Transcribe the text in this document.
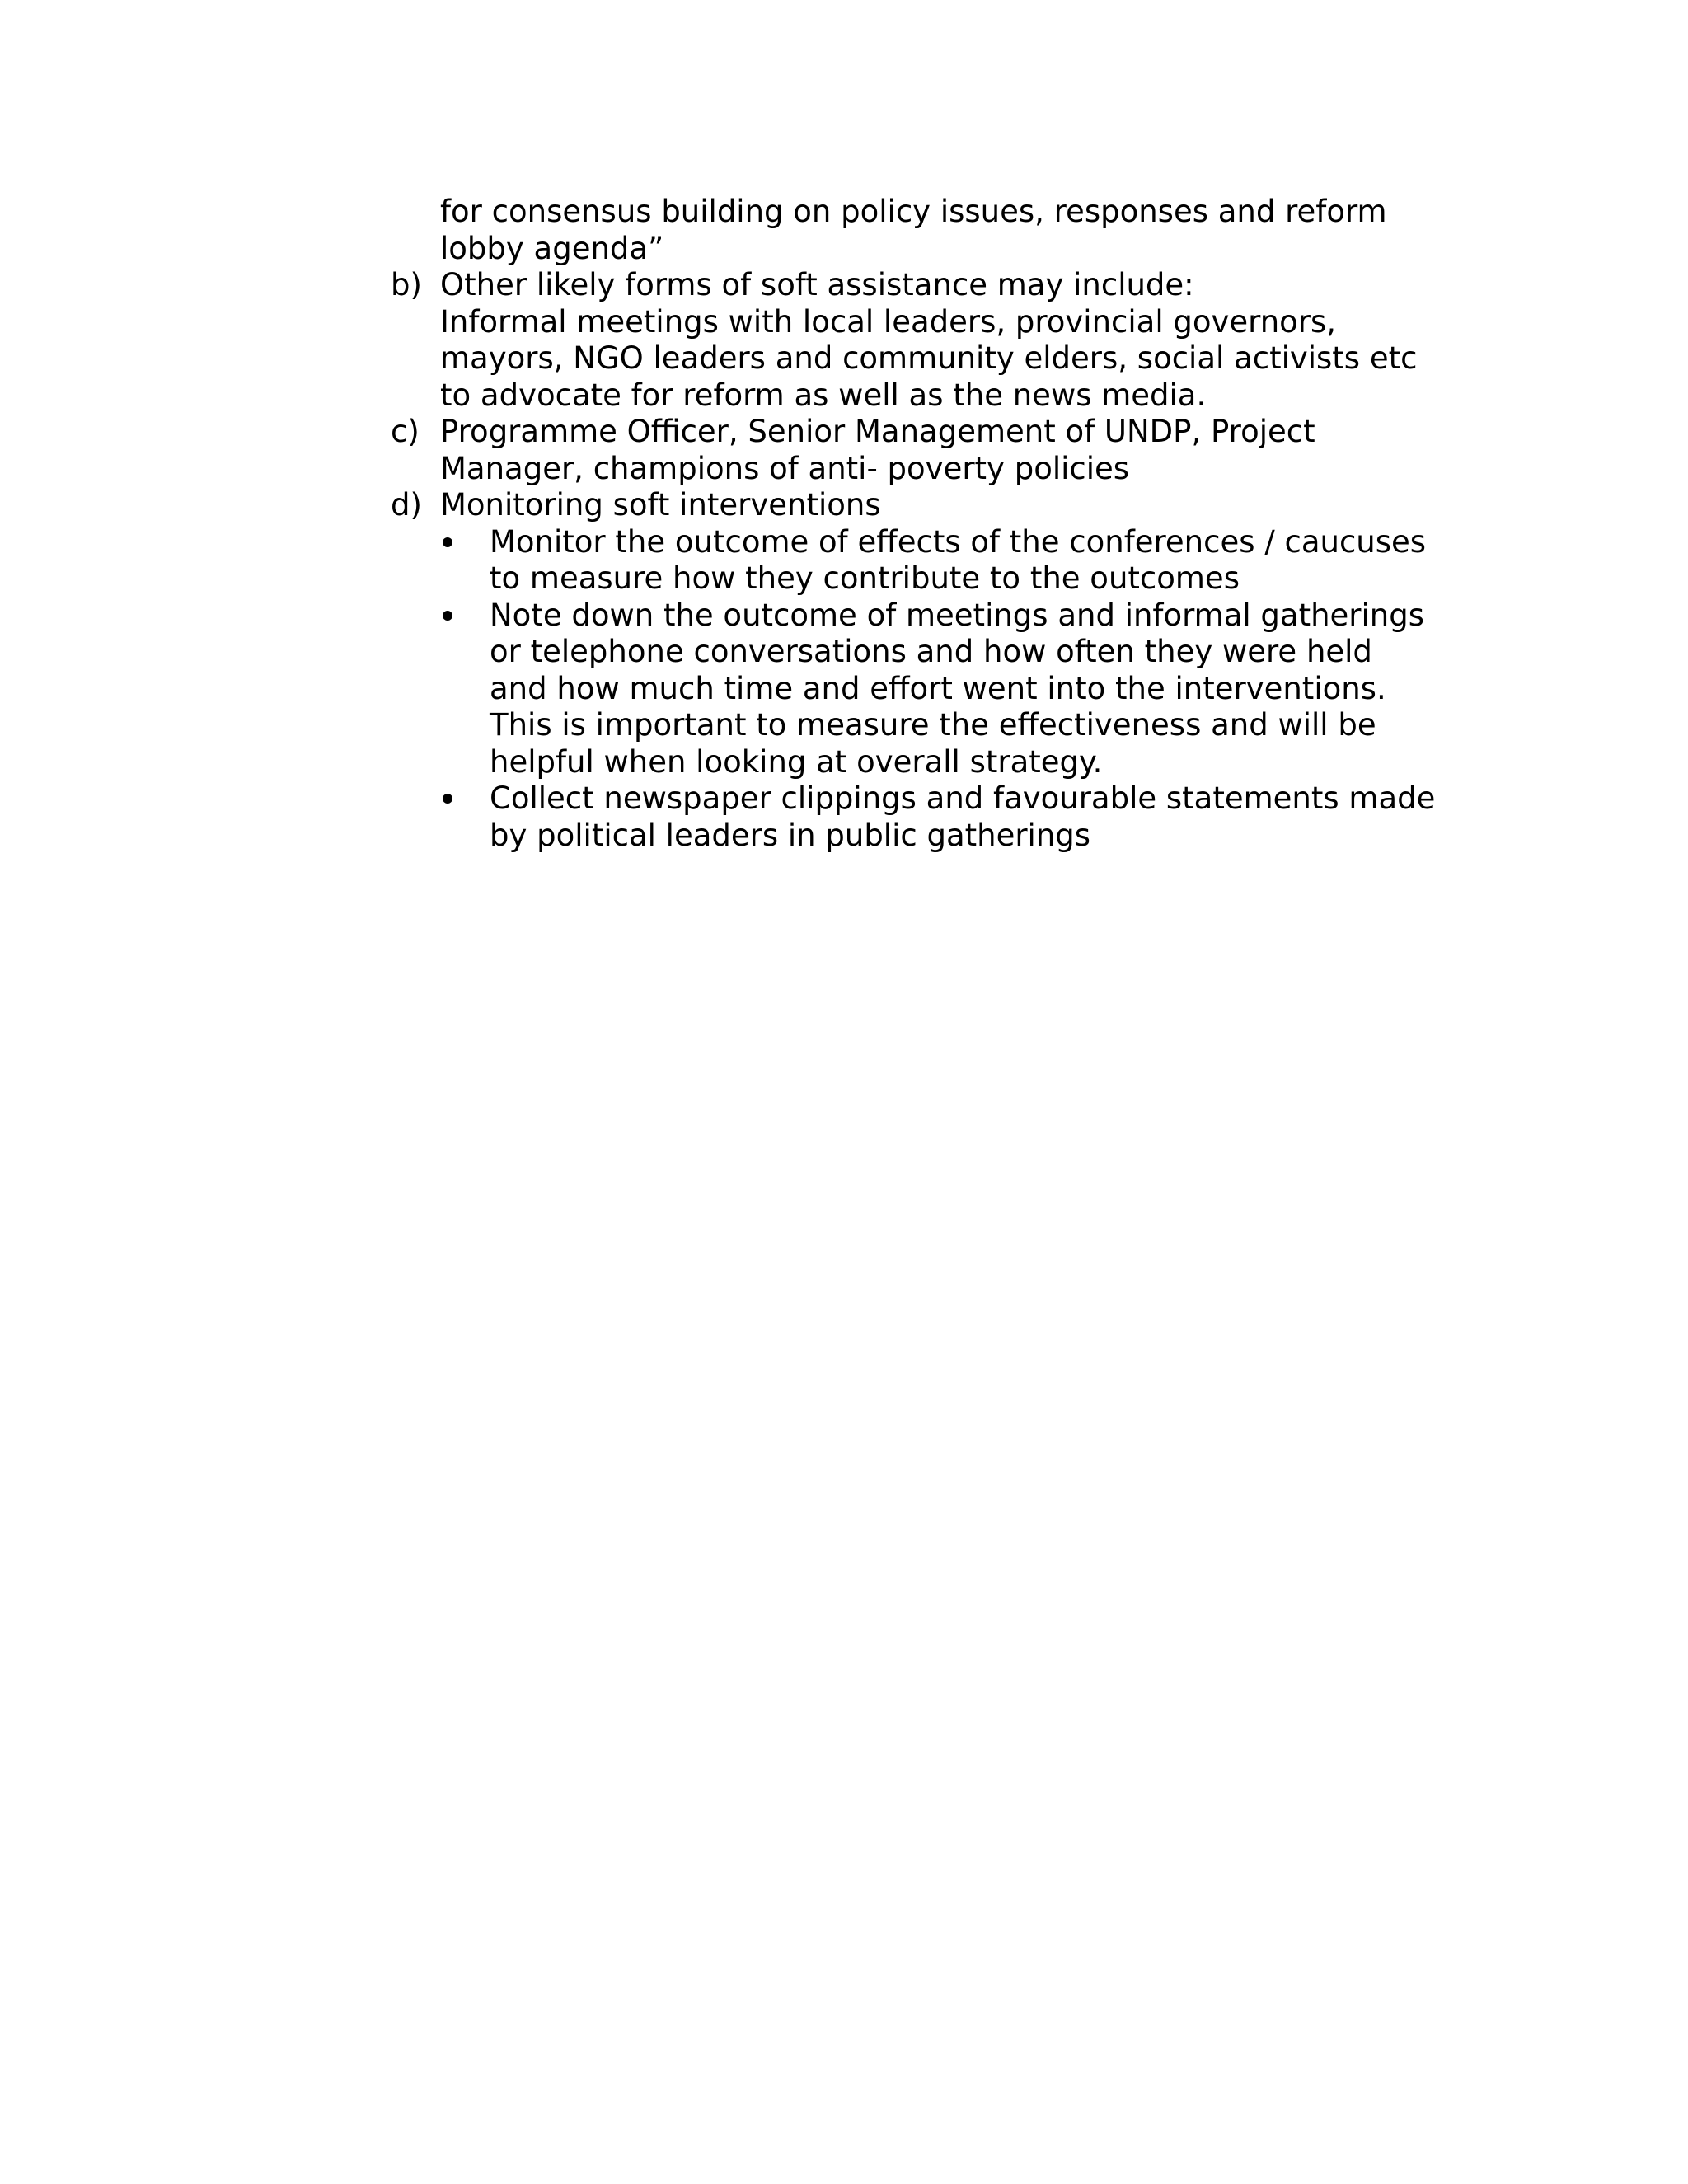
for consensus building on policy issues, responses and reform
lobby agenda”
b) Other likely forms of soft assistance may include:
Informal meetings with local leaders, provincial governors,
mayors, NGO leaders and community elders, social activists etc
to advocate for reform as well as the news media.
c) Programme Officer, Senior Management of UNDP, Project
Manager, champions of anti- poverty policies
d) Monitoring soft interventions
Monitor the outcome of effects of the conferences / caucuses
to measure how they contribute to the outcomes
Note down the outcome of meetings and informal gatherings
or telephone conversations and how often they were held
and how much time and effort went into the interventions.
This is important to measure the effectiveness and will be
helpful when looking at overall strategy.
Collect newspaper clippings and favourable statements made
by political leaders in public gatherings
